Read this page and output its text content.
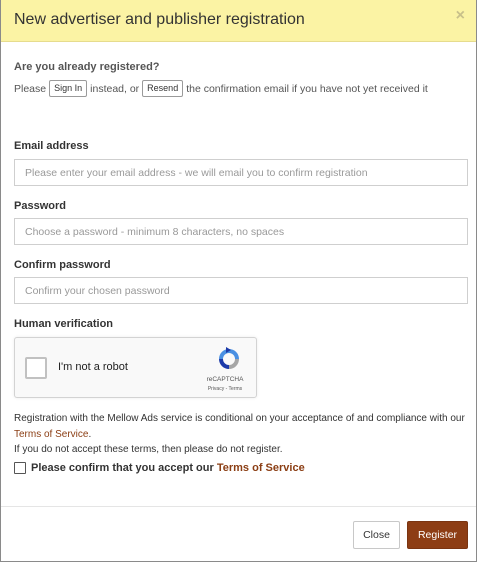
New advertiser and publisher registration	×
Are you already registered?
Please Sign In instead, or Resend the confirmation email if you have not yet received it
Email address
Please enter your email address - we will email you to confirm registration
Password
Choose a password - minimum 8 characters, no spaces
Confirm password
Confirm your chosen password
Human verification
I'm not a robot
reCAPTCHA
Privacy - Terms
Registration with the Mellow Ads service is conditional on your acceptance of and compliance with our Terms of Service.
If you do not accept these terms, then please do not register.
Please confirm that you accept our
Terms of Service
Close	Register
